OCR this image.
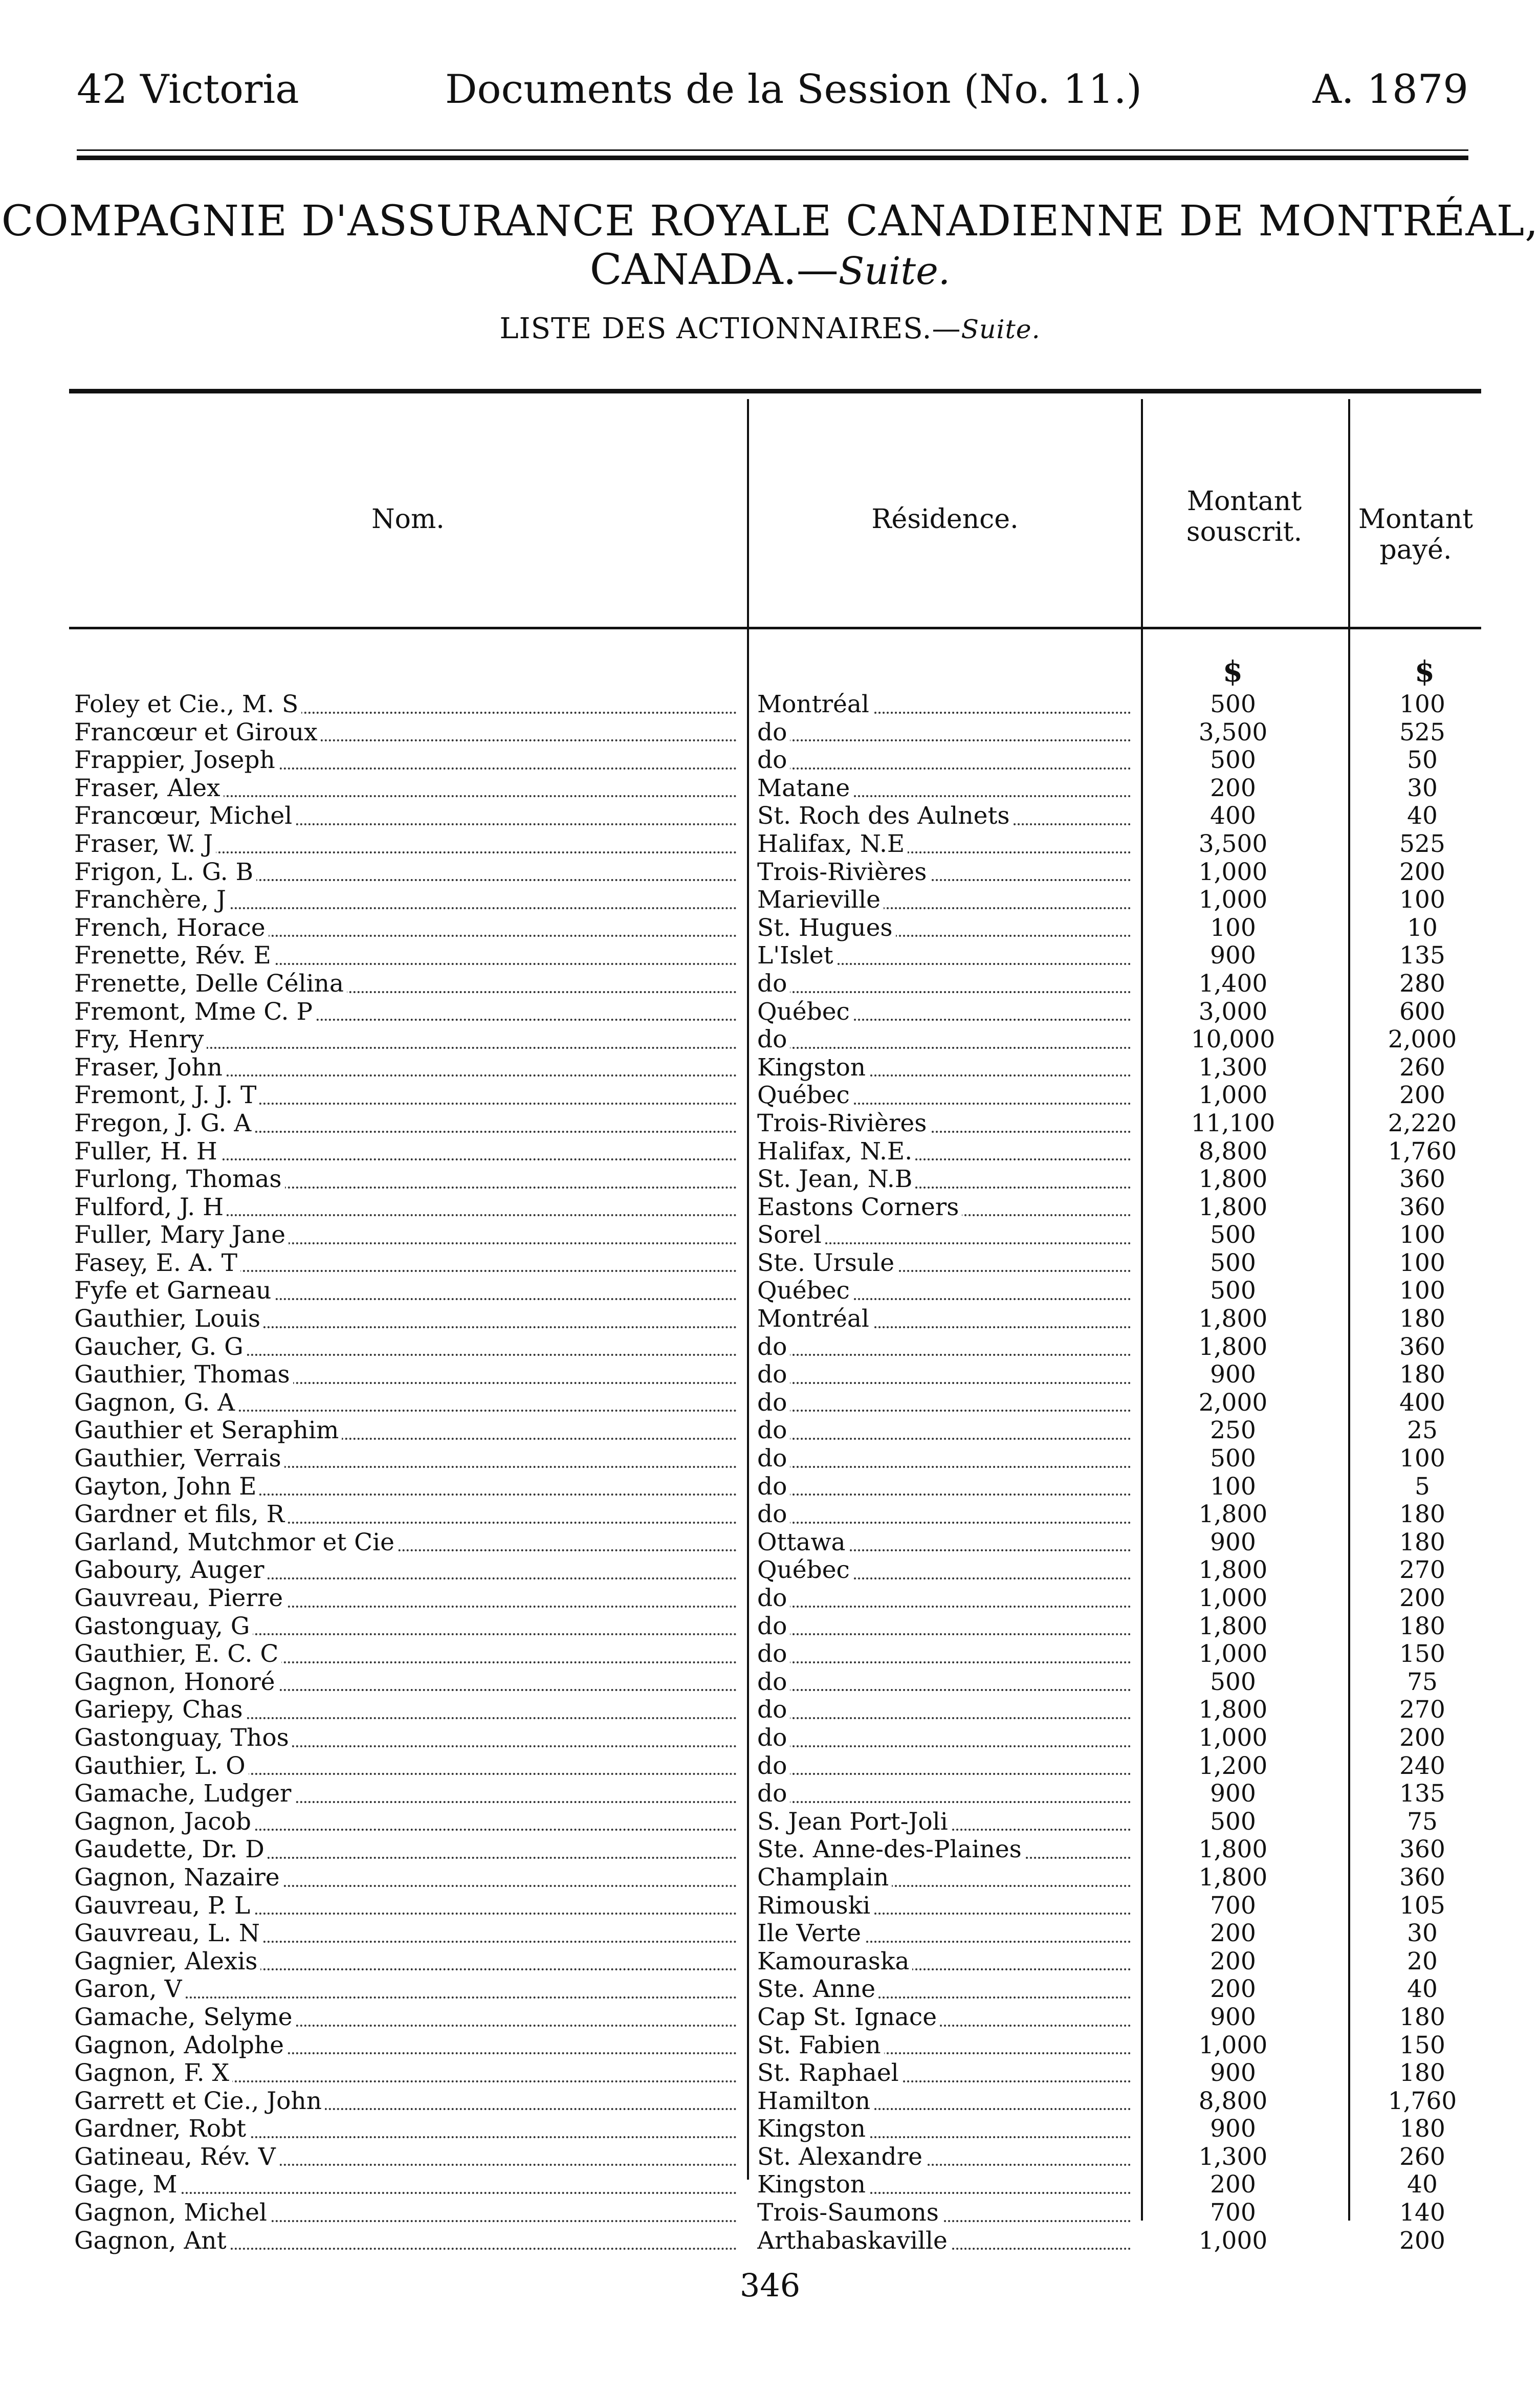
42 Victoria	Documents de la Session (No. 11.)	A. 1879
COMPAGNIE D'ASSURANCE ROYALE CANADIENNE DE MONTRÉAL,
CANADA.—Suite.
LISTE DES ACTIONNAIRES.—Suite.
Nom.	Résidence.
Montant souscrit.	Montant payé.
$	$
Foley et Cie., M. S	Montréal	500	100
Francœur et Giroux	do	3,500	525
Frappier, Joseph	do	500	50
Fraser, Alex	Matane	200	30
Francœur, Michel	St. Roch des Aulnets	400	40
Fraser, W. J	Halifax, N.E	3,500	525
Frigon, L. G. B	Trois-Rivières	1,000	200
Franchère, J	Marieville	1,000	100
French, Horace	St. Hugues	100	10
Frenette, Rév. E	L'Islet	900	135
Frenette, Delle Célina	do	1,400	280
Fremont, Mme C. P	Québec	3,000	600
Fry, Henry	do	10,000	2,000
Fraser, John	Kingston	1,300	260
Fremont, J. J. T	Québec	1,000	200
Fregon, J. G. A	Trois-Rivières	11,100	2,220
Fuller, H. H	Halifax, N.E.	8,800	1,760
Furlong, Thomas	St. Jean, N.B	1,800	360
Fulford, J. H	Eastons Corners	1,800	360
Fuller, Mary Jane	Sorel	500	100
Fasey, E. A. T	Ste. Ursule	500	100
Fyfe et Garneau	Québec	500	100
Gauthier, Louis	Montréal	1,800	180
Gaucher, G. G	do	1,800	360
Gauthier, Thomas	do	900	180
Gagnon, G. A	do	2,000	400
Gauthier et Seraphim	do	250	25
Gauthier, Verrais	do	500	100
Gayton, John E	do	100	5
Gardner et fils, R	do	1,800	180
Garland, Mutchmor et Cie	Ottawa	900	180
Gaboury, Auger	Québec	1,800	270
Gauvreau, Pierre	do	1,000	200
Gastonguay, G	do	1,800	180
Gauthier, E. C. C	do	1,000	150
Gagnon, Honoré	do	500	75
Gariepy, Chas	do	1,800	270
Gastonguay, Thos	do	1,000	200
Gauthier, L. O	do	1,200	240
Gamache, Ludger	do	900	135
Gagnon, Jacob	S. Jean Port-Joli	500	75
Gaudette, Dr. D	Ste. Anne-des-Plaines	1,800	360
Gagnon, Nazaire	Champlain	1,800	360
Gauvreau, P. L	Rimouski	700	105
Gauvreau, L. N	Ile Verte	200	30
Gagnier, Alexis	Kamouraska	200	20
Garon, V	Ste. Anne	200	40
Gamache, Selyme	Cap St. Ignace	900	180
Gagnon, Adolphe	St. Fabien	1,000	150
Gagnon, F. X	St. Raphael	900	180
Garrett et Cie., John	Hamilton	8,800	1,760
Gardner, Robt	Kingston	900	180
Gatineau, Rév. V	St. Alexandre	1,300	260
Gage, M	Kingston	200	40
Gagnon, Michel	Trois-Saumons	700	140
Gagnon, Ant	Arthabaskaville	1,000	200
346
